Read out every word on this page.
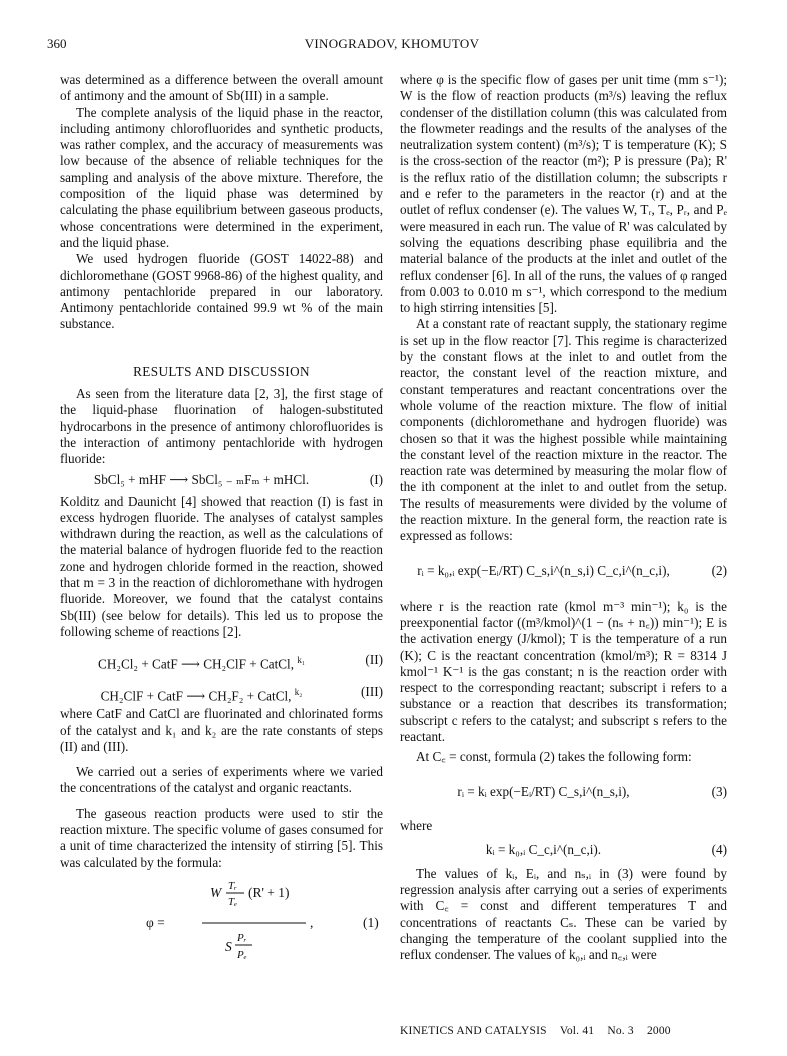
360	VINOGRADOV, KHOMUTOV

was determined as a difference between the overall amount of antimony and the amount of Sb(III) in a sample.

The complete analysis of the liquid phase in the reactor, including antimony chlorofluorides and synthetic products, was rather complex, and the accuracy of measurements was low because of the absence of reliable techniques for the sampling and analysis of the above mixture. Therefore, the composition of the liquid phase was determined by calculating the phase equilibrium between gaseous products, whose concentrations were determined in the experiment, and the liquid phase.

We used hydrogen fluoride (GOST 14022-88) and dichloromethane (GOST 9968-86) of the highest quality, and antimony pentachloride prepared in our laboratory. Antimony pentachloride contained 99.9 wt % of the main substance.

RESULTS AND DISCUSSION

As seen from the literature data [2, 3], the first stage of the liquid-phase fluorination of halogen-substituted hydrocarbons in the presence of antimony chlorofluorides is the interaction of antimony pentachloride with hydrogen fluoride:

SbCl₅ + mHF ⟶ SbCl₅ ₋ ₘFₘ + mHCl.	(I)

Kolditz and Daunicht [4] showed that reaction (I) is fast in excess hydrogen fluoride. The analyses of catalyst samples withdrawn during the reaction, as well as the calculations of the material balance of hydrogen fluoride fed to the reaction zone and hydrogen chloride formed in the reaction, showed that m = 3 in the reaction of dichloromethane with hydrogen fluoride. Moreover, we found that the catalyst contains Sb(III) (see below for details). This led us to propose the following scheme of reactions [2].

CH₂Cl₂ + CatF ⟶ CH₂ClF + CatCl, $^{k_1}$	(II)
CH₂ClF + CatF ⟶ CH₂F₂ + CatCl, $^{k_2}$	(III)

where CatF and CatCl are fluorinated and chlorinated forms of the catalyst and k₁ and k₂ are the rate constants of steps (II) and (III).

We carried out a series of experiments where we varied the concentrations of the catalyst and organic reactants.

The gaseous reaction products were used to stir the reaction mixture. The specific volume of gases consumed for a unit of time characterized the intensity of stirring [5]. This was calculated by the formula:

φ =
W Tᵣ
Tₑ
(R' + 1)
S
Pᵣ
Pₑ
,	(1)

where φ is the specific flow of gases per unit time (mm s⁻¹); W is the flow of reaction products (m³/s) leaving the reflux condenser of the distillation column (this was calculated from the flowmeter readings and the results of the analyses of the neutralization system content) (m³/s); T is temperature (K); S is the cross-section of the reactor (m²); P is pressure (Pa); R' is the reflux ratio of the distillation column; the subscripts r and e refer to the parameters in the reactor (r) and at the outlet of reflux condenser (e). The values W, Tᵣ, Tₑ, Pᵣ, and Pₑ were measured in each run. The value of R' was calculated by solving the equations describing phase equilibria and the material balance of the products at the inlet and outlet of the reflux condenser [6]. In all of the runs, the values of φ ranged from 0.003 to 0.010 m s⁻¹, which correspond to the medium to high stirring intensities [5].

At a constant rate of reactant supply, the stationary regime is set up in the flow reactor [7]. This regime is characterized by the constant flows at the inlet to and outlet from the reactor, the constant level of the reaction mixture, and constant temperatures and reactant concentrations over the whole volume of the reaction mixture. The flow of initial components (dichloromethane and hydrogen fluoride) was chosen so that it was the highest possible while maintaining the constant level of the reaction mixture in the reactor. The reaction rate was determined by measuring the molar flow of the ith component at the inlet to and outlet from the setup. The results of measurements were divided by the volume of the reaction mixture. In the general form, the reaction rate is expressed as follows:

rᵢ = k₀,ᵢ exp(−Eᵢ/RT) C_s,i^(n_s,i) C_c,i^(n_c,i),	(2)

where r is the reaction rate (kmol m⁻³ min⁻¹); k₀ is the preexponential factor ((m³/kmol)^(1 − (nₛ + n꜀)) min⁻¹); E is the activation energy (J/kmol); T is the temperature of a run (K); C is the reactant concentration (kmol/m³); R = 8314 J kmol⁻¹ K⁻¹ is the gas constant; n is the reaction order with respect to the corresponding reactant; subscript i refers to a substance or a reaction that describes its transformation; subscript c refers to the catalyst; and subscript s refers to the reactant.

At C꜀ = const, formula (2) takes the following form:

rᵢ = kᵢ exp(−Eᵢ/RT) C_s,i^(n_s,i),	(3)

where

kᵢ = k₀,ᵢ C_c,i^(n_c,i).	(4)

The values of kᵢ, Eᵢ, and nₛ,ᵢ in (3) were found by regression analysis after carrying out a series of experiments with C꜀ = const and different temperatures T and concentrations of reactants Cₛ. These can be varied by changing the temperature of the coolant supplied into the reflux condenser. The values of k₀,ᵢ and n꜀,ᵢ were

KINETICS AND CATALYSIS Vol. 41 No. 3 2000
